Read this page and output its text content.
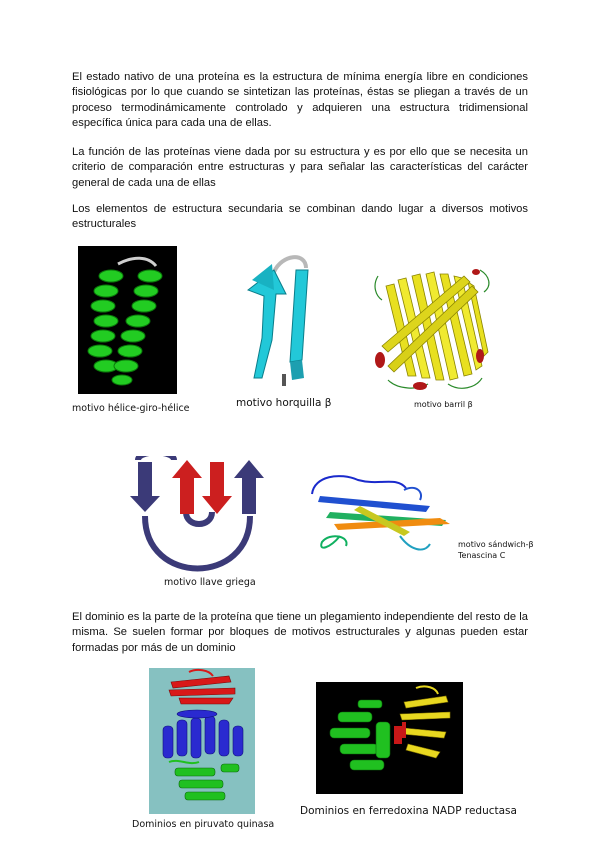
El estado nativo de una proteína es la estructura de mínima energía libre en condiciones fisiológicas por lo que cuando se sintetizan las proteínas, éstas se pliegan a través de un proceso termodinámicamente controlado y adquieren una estructura tridimensional específica única para cada una de ellas.

La función de las proteínas viene dada por su estructura y es por ello que se necesita un criterio de comparación entre estructuras y para señalar las características del carácter general de cada una de ellas

Los elementos de estructura secundaria se combinan dando lugar a diversos motivos estructurales

motivo hélice-giro-hélice	motivo horquilla β	motivo barril β
motivo llave griega
motivo sándwich-β
Tenascina C

El dominio es la parte de la proteína que tiene un plegamiento independiente del resto de la misma. Se suelen formar por bloques de motivos estructurales y algunas pueden estar formadas por más de un dominio

Dominios en piruvato quinasa
Dominios en ferredoxina NADP reductasa
